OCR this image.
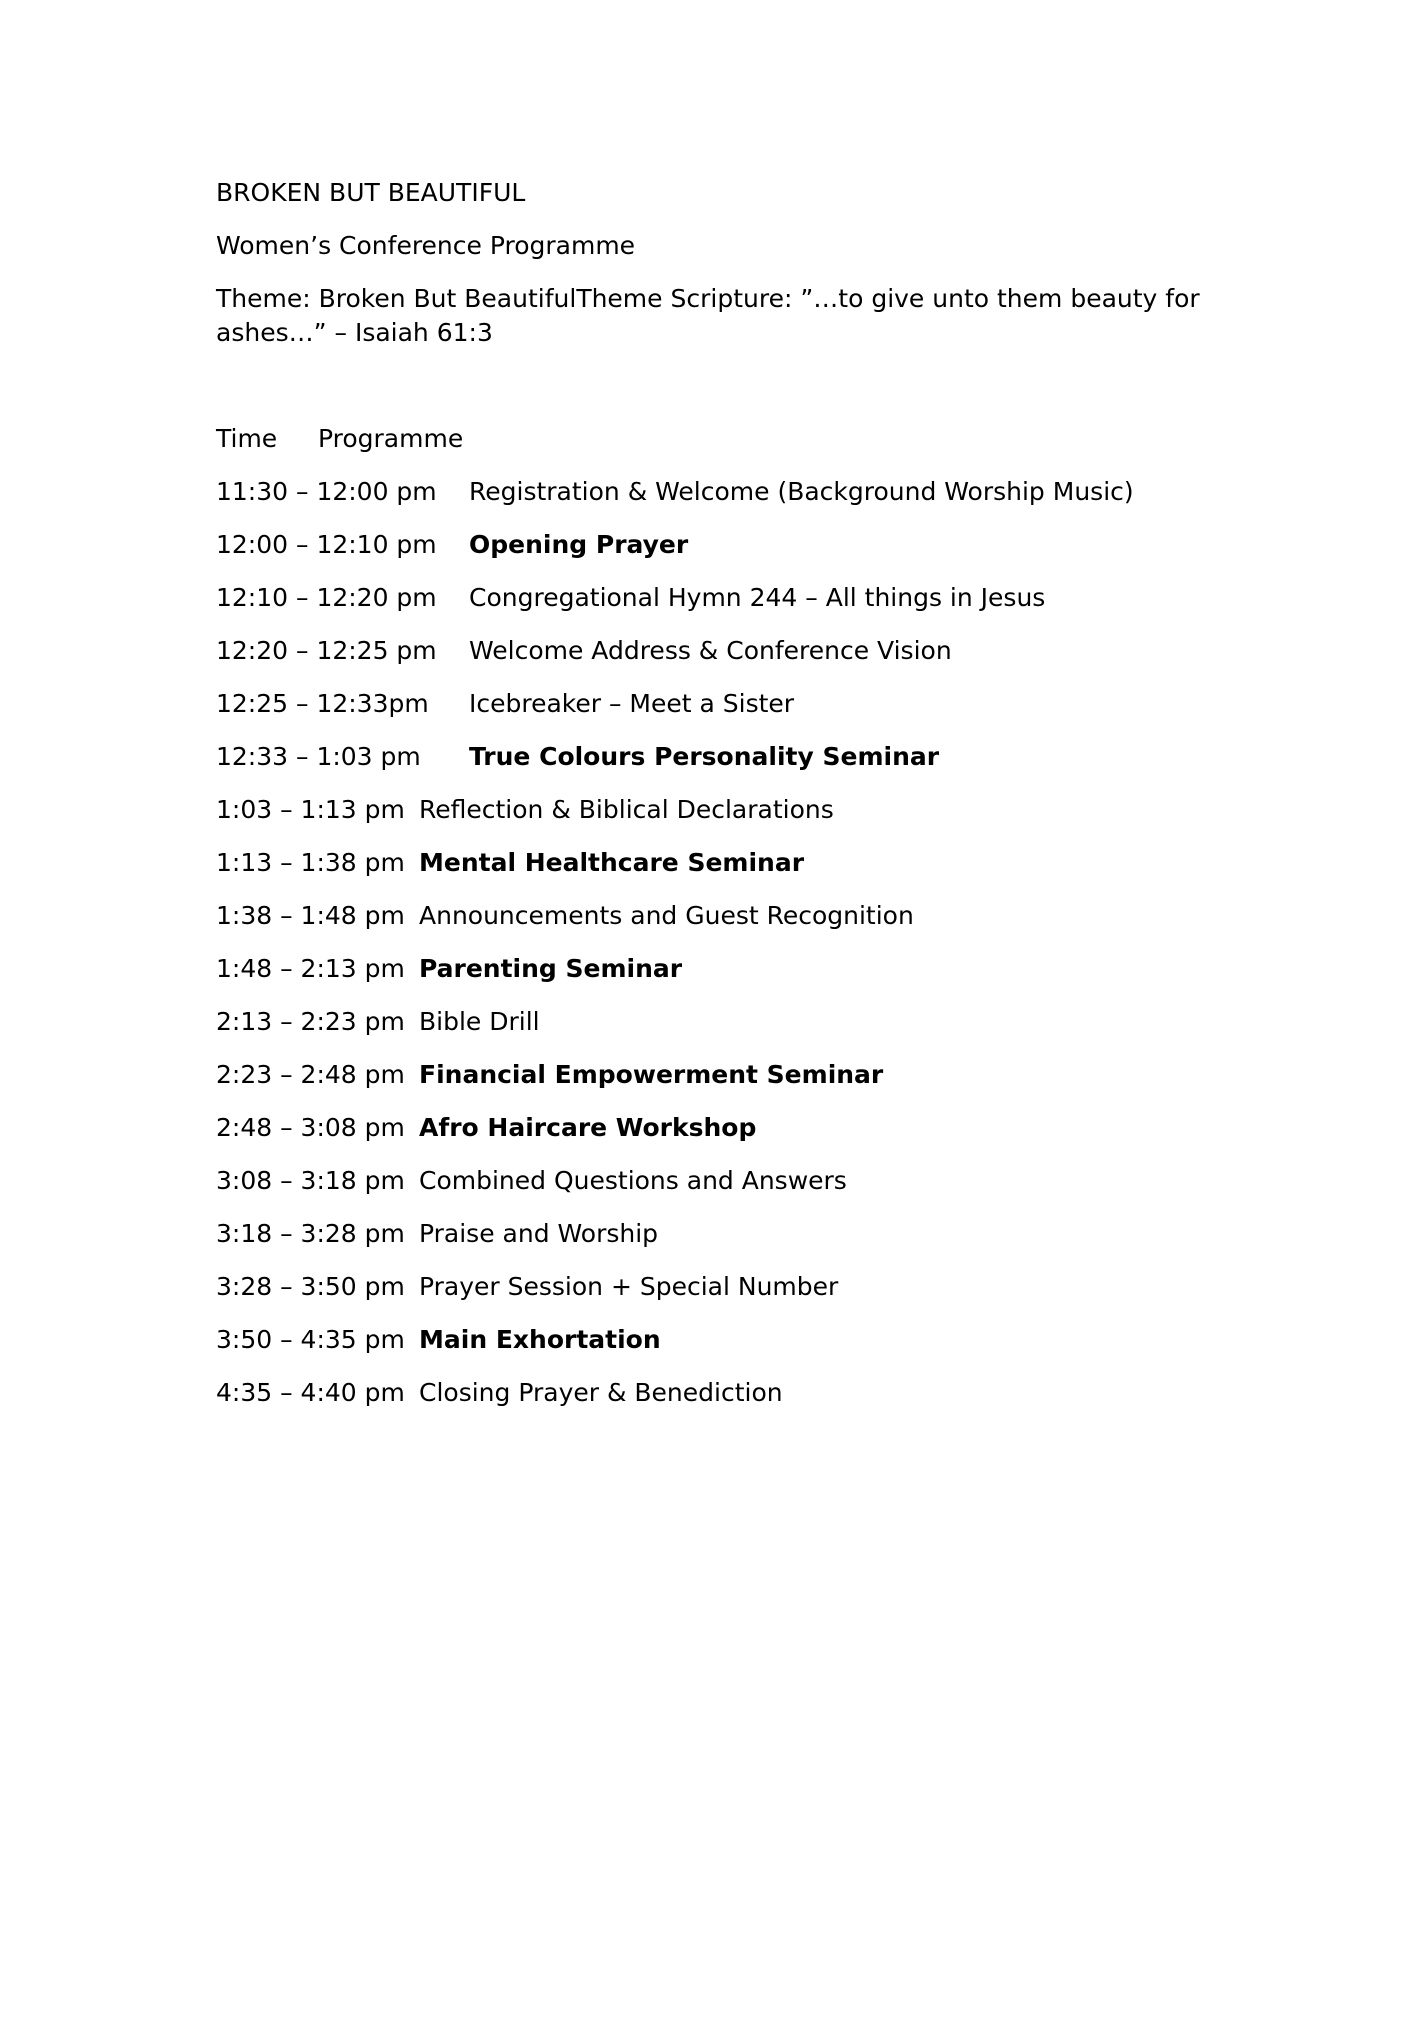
BROKEN BUT BEAUTIFUL

Women’s Conference Programme

Theme: Broken But BeautifulTheme Scripture: ”…to give unto them beauty for ashes…” – Isaiah 61:3

Time	Programme
11:30 – 12:00 pm	Registration & Welcome (Background Worship Music)
12:00 – 12:10 pm	Opening Prayer
12:10 – 12:20 pm	Congregational Hymn 244 – All things in Jesus
12:20 – 12:25 pm	Welcome Address & Conference Vision
12:25 – 12:33pm	Icebreaker – Meet a Sister
12:33 – 1:03 pm	True Colours Personality Seminar
1:03 – 1:13 pm Reflection & Biblical Declarations
1:13 – 1:38 pm Mental Healthcare Seminar
1:38 – 1:48 pm Announcements and Guest Recognition
1:48 – 2:13 pm Parenting Seminar
2:13 – 2:23 pm Bible Drill
2:23 – 2:48 pm Financial Empowerment Seminar
2:48 – 3:08 pm Afro Haircare Workshop
3:08 – 3:18 pm Combined Questions and Answers
3:18 – 3:28 pm Praise and Worship
3:28 – 3:50 pm Prayer Session + Special Number
3:50 – 4:35 pm Main Exhortation
4:35 – 4:40 pm Closing Prayer & Benediction
